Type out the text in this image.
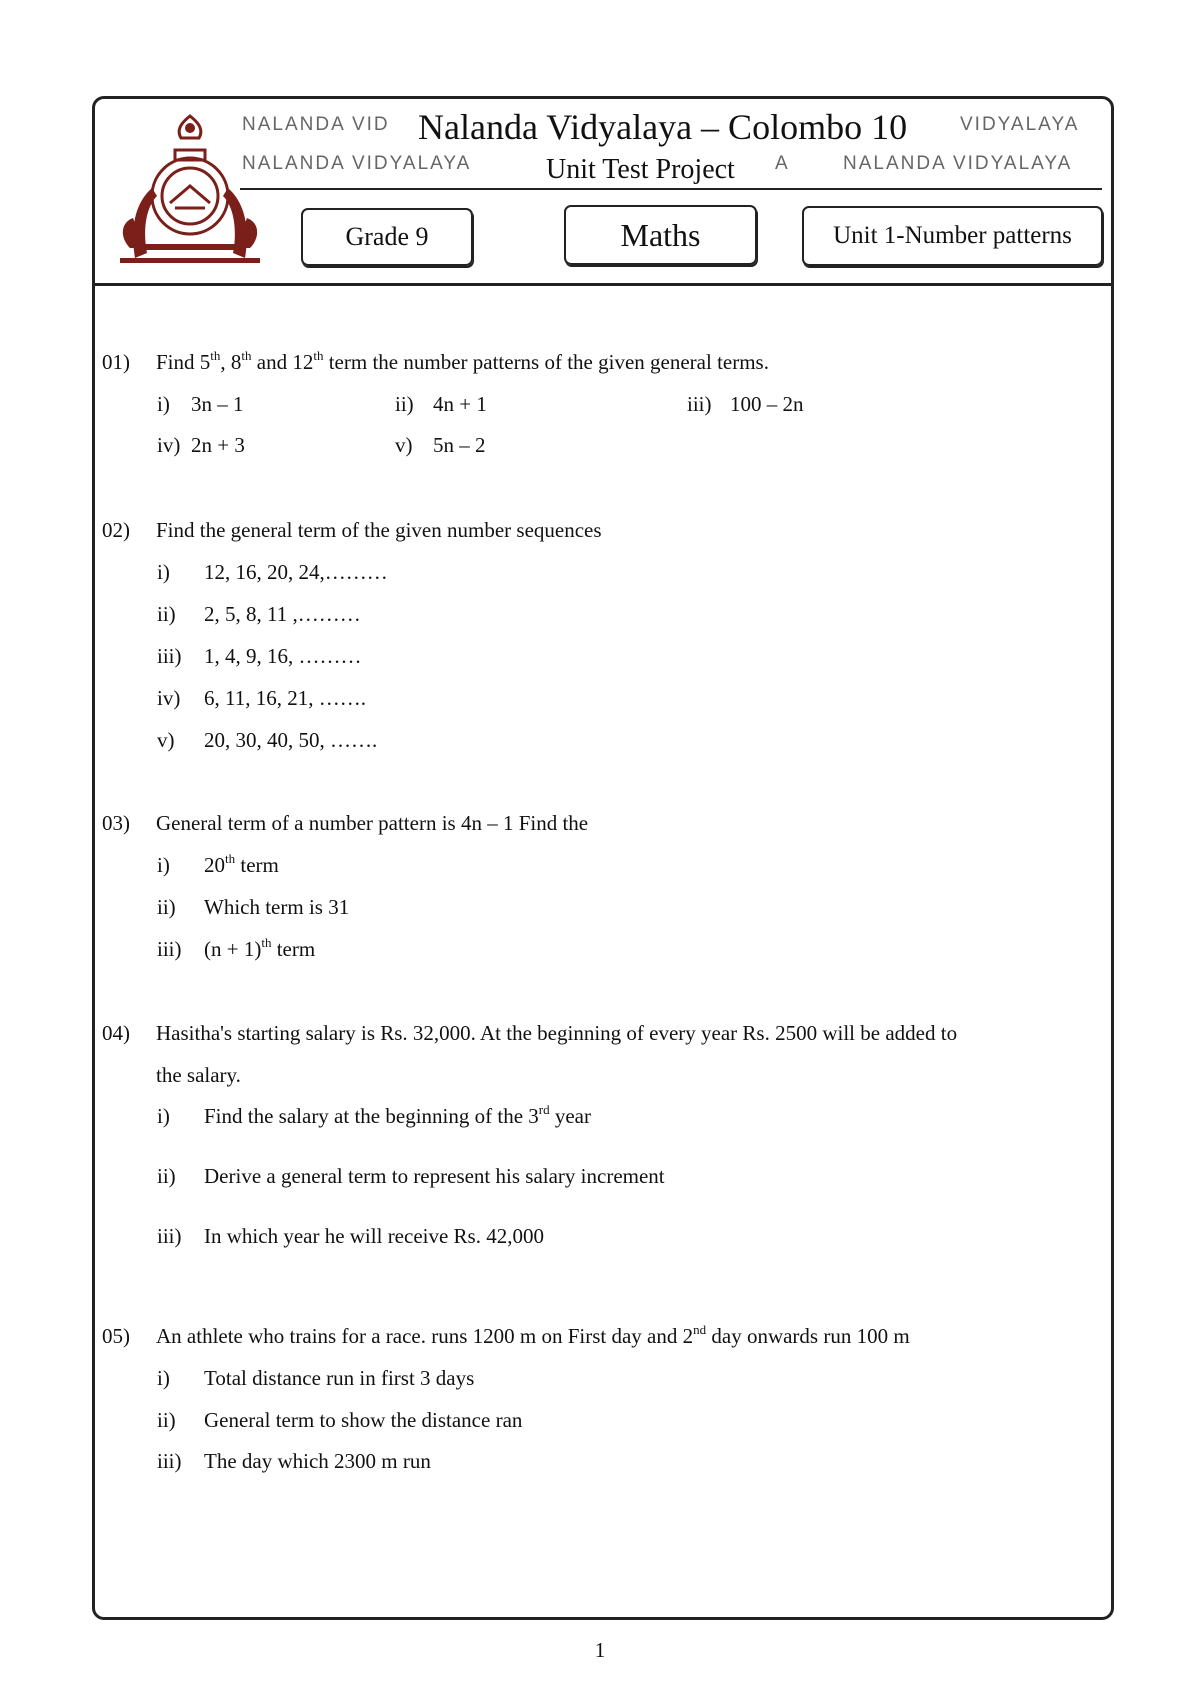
NALANDA VID	VIDYALAYA
NALANDA VIDYALAYA	A	NALANDA VIDYALAYA
Nalanda Vidyalaya – Colombo 10
Unit Test Project
Grade 9	Maths	Unit 1-Number patterns
01) Find 5th, 8th and 12th term the number patterns of the given general terms.
i) 3n – 1	ii) 4n + 1	iii) 100 – 2n
iv) 2n + 3	v) 5n – 2
02) Find the general term of the given number sequences
i) 12, 16, 20, 24,………
ii) 2, 5, 8, 11 ,………
iii) 1, 4, 9, 16, ………
iv) 6, 11, 16, 21, …….
v) 20, 30, 40, 50, …….
03) General term of a number pattern is 4n – 1 Find the
i) 20th term
ii) Which term is 31
iii) $(n + 1)^{th}$ term
04) Hasitha's starting salary is Rs. 32,000. At the beginning of every year Rs. 2500 will be added to
the salary.
i) Find the salary at the beginning of the 3rd year
ii) Derive a general term to represent his salary increment
iii) In which year he will receive Rs. 42,000
05) An athlete who trains for a race. runs 1200 m on First day and 2nd day onwards run 100 m
i) Total distance run in first 3 days
ii) General term to show the distance ran
iii) The day which 2300 m run
1
